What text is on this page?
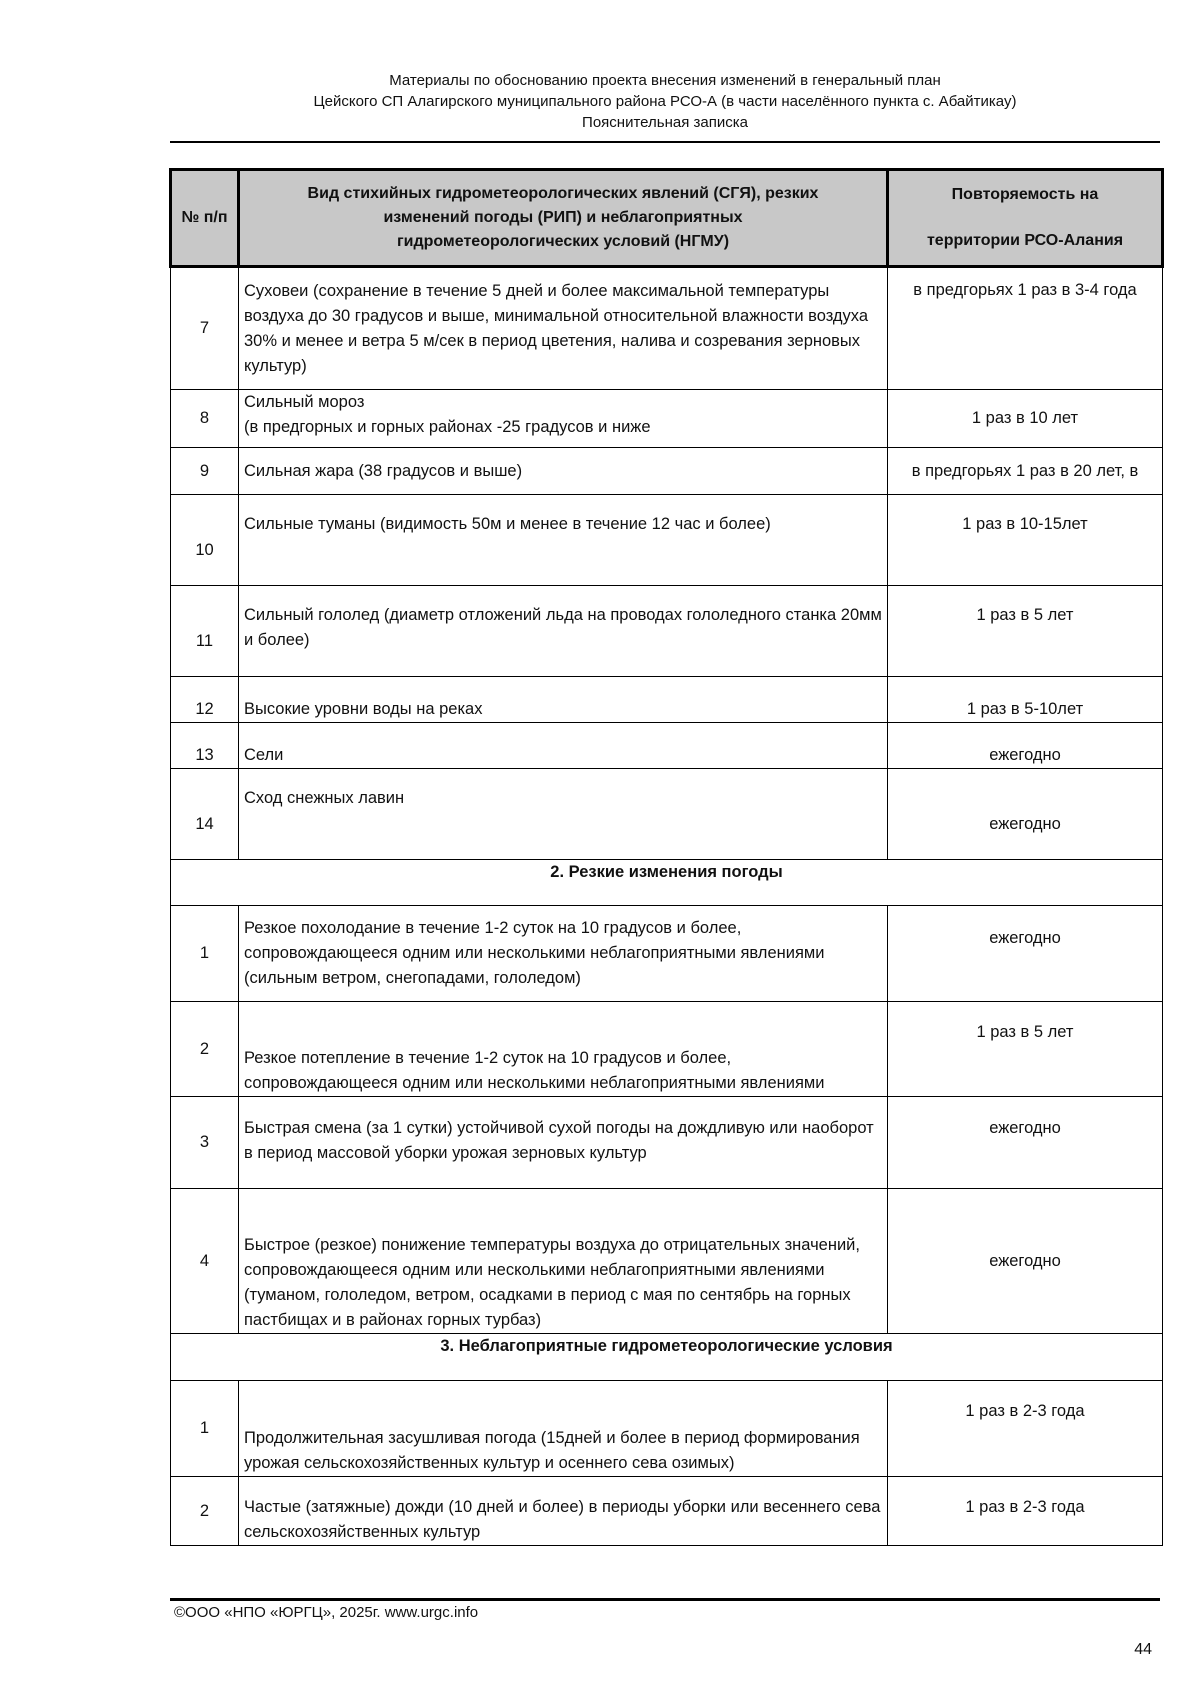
Материалы по обоснованию проекта внесения изменений в генеральный план
Цейского СП Алагирского муниципального района РСО-А (в части населённого пункта с. Абайтикау)
Пояснительная записка
№ п/п	Вид стихийных гидрометеорологических явлений (СГЯ), резких изменений погоды (РИП) и неблагоприятных гидрометеорологических условий (НГМУ)	Повторяемость на
территории РСО-Алания

7	Суховеи (сохранение в течение 5 дней и более максимальной температуры воздуха до 30 градусов и выше, минимальной относительной влажности воздуха 30% и менее и ветра 5 м/сек в период цветения, налива и созревания зерновых культур)	в предгорьях 1 раз в 3-4 года
8	Сильный мороз
(в предгорных и горных районах -25 градусов и ниже	1 раз в 10 лет
9	Сильная жара (38 градусов и выше)	в предгорьях 1 раз в 20 лет, в
10	Сильные туманы (видимость 50м и менее в течение 12 час и более)	1 раз в 10-15лет
11	Сильный гололед (диаметр отложений льда на проводах гололедного станка 20мм и более)	1 раз в 5 лет
12	Высокие уровни воды на реках	1 раз в 5-10лет
13	Сели	ежегодно
14	Сход снежных лавин	ежегодно
2. Резкие изменения погоды		
1	Резкое похолодание в течение 1-2 суток на 10 градусов и более, сопровождающееся одним или несколькими неблагоприятными явлениями (сильным ветром, снегопадами, гололедом)	ежегодно
2	Резкое потепление в течение 1-2 суток на 10 градусов и более, сопровождающееся одним или несколькими неблагоприятными явлениями	1 раз в 5 лет
3	Быстрая смена (за 1 сутки) устойчивой сухой погоды на дождливую или наоборот в период массовой уборки урожая зерновых культур	ежегодно
4	Быстрое (резкое) понижение температуры воздуха до отрицательных значений, сопровождающееся одним или несколькими неблагоприятными явлениями (туманом, гололедом, ветром, осадками в период с мая по сентябрь на горных пастбищах и в районах горных турбаз)	ежегодно
3. Неблагоприятные гидрометеорологические условия		
1	Продолжительная засушливая погода (15дней и более в период формирования урожая сельскохозяйственных культур и осеннего сева озимых)	1 раз в 2-3 года
2	Частые (затяжные) дожди (10 дней и более) в периоды уборки или весеннего сева сельскохозяйственных культур	1 раз в 2-3 года
©ООО «НПО «ЮРГЦ», 2025г. www.urgc.info
44
